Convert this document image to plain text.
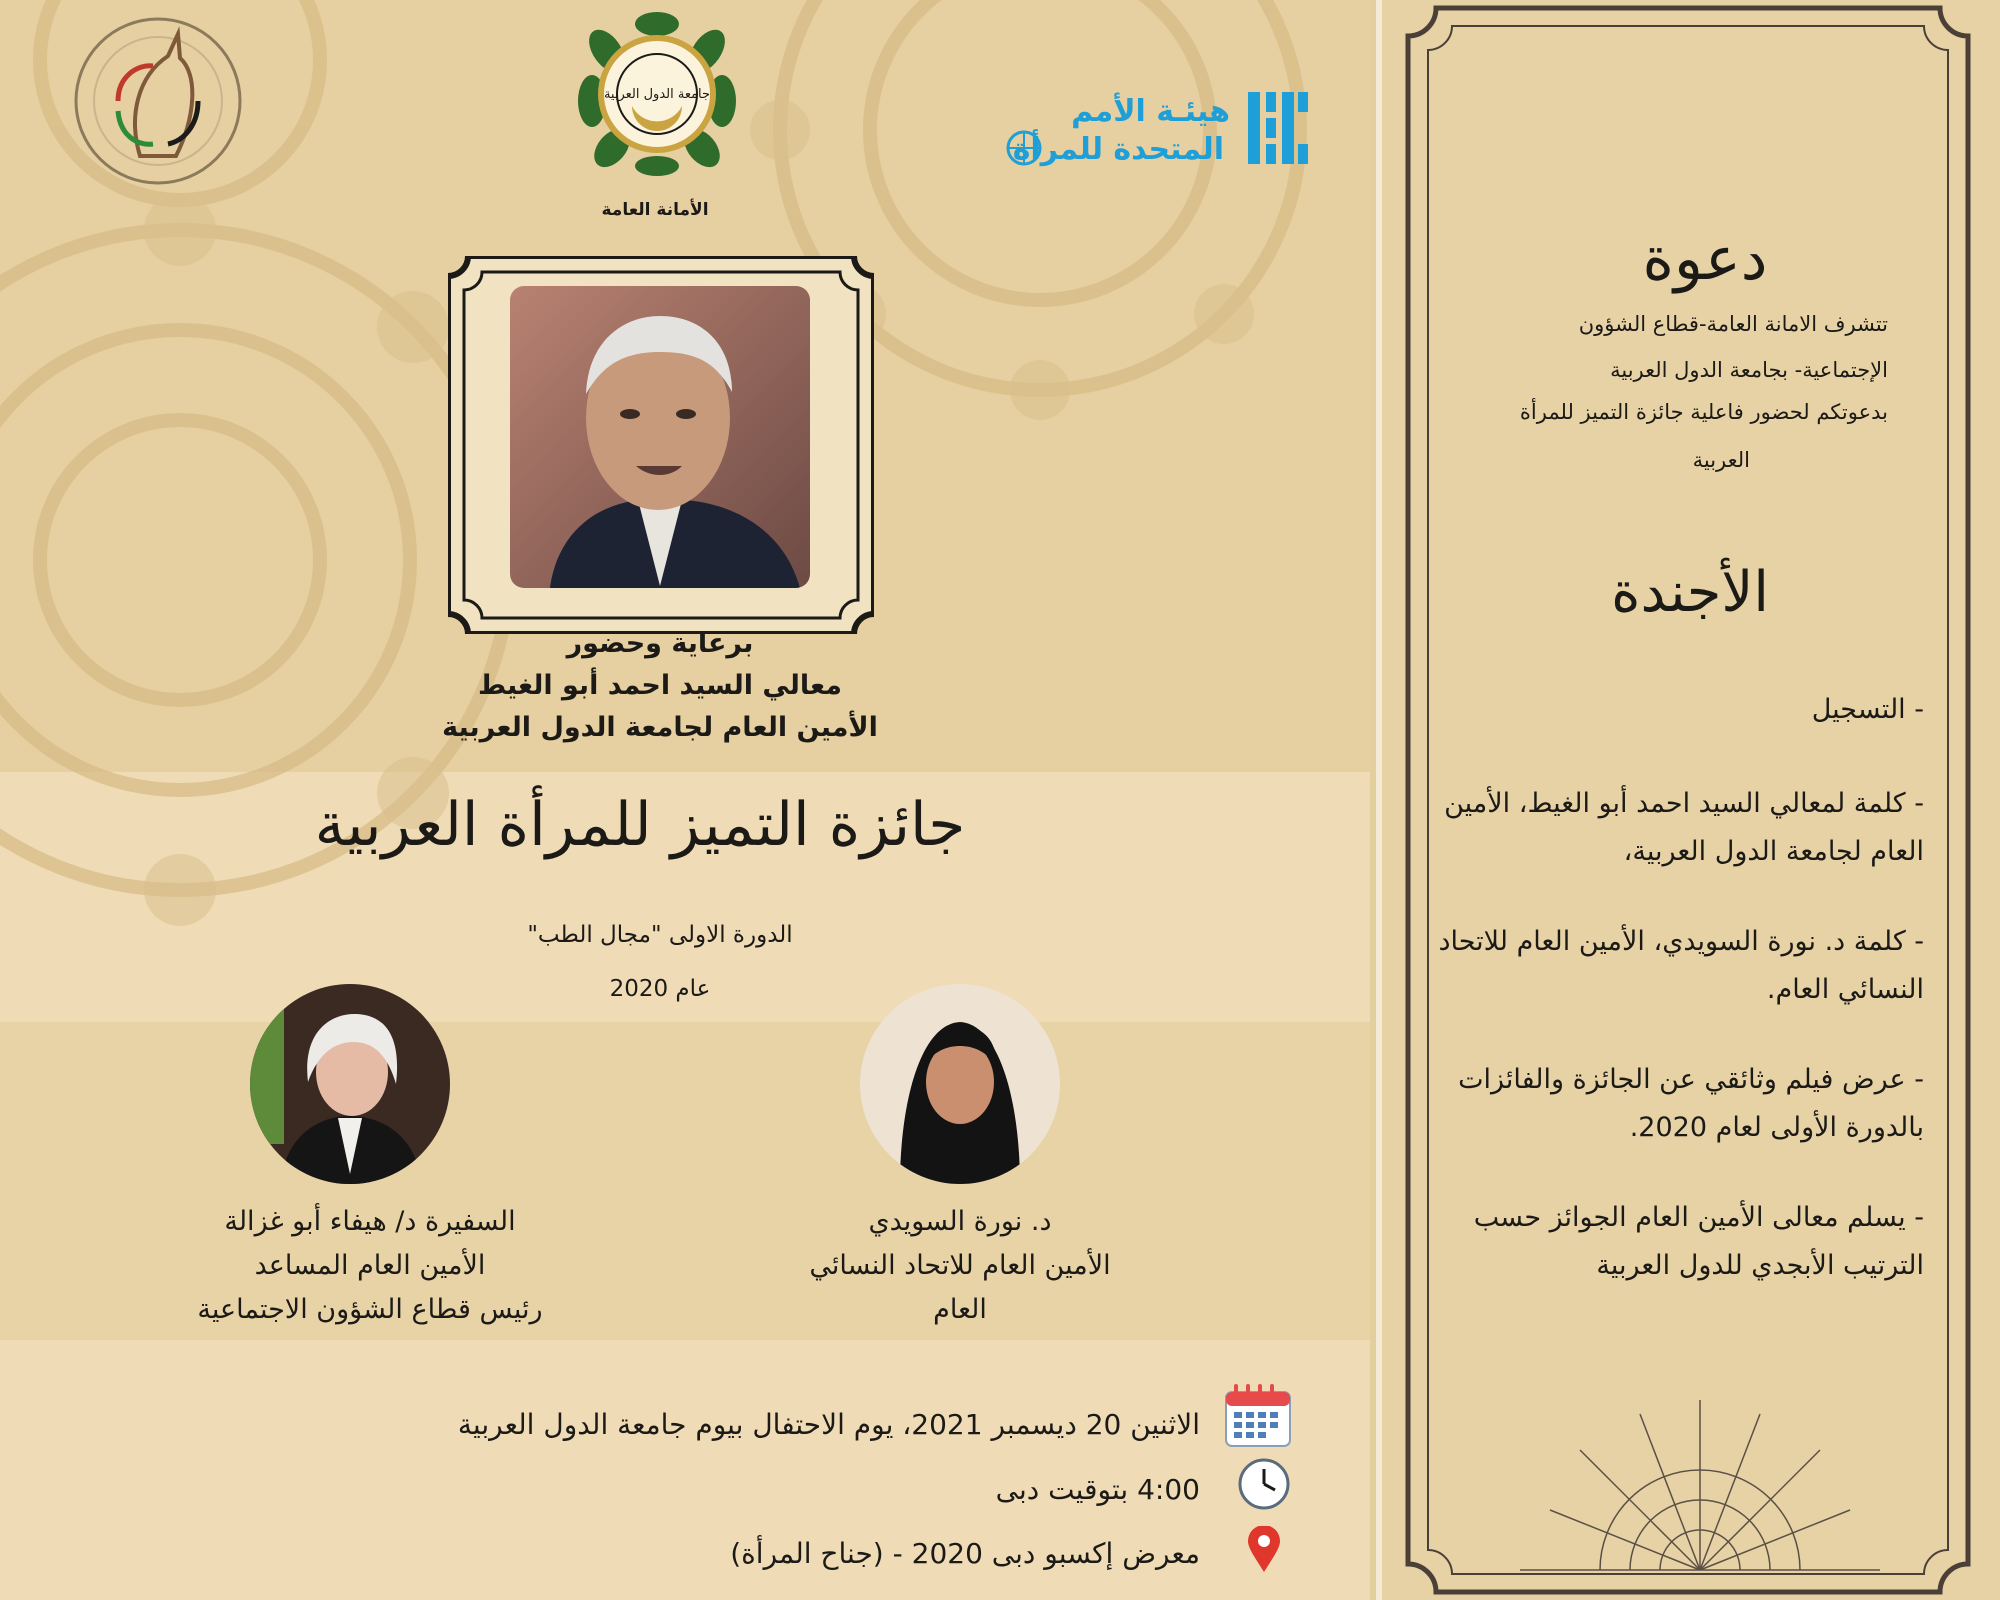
جامعة الدول العربية
الأمانة العامة
هيئـة الأمم
المتحدة للمرأة
برعاية وحضور
معالي السيد احمد أبو الغيط
الأمين العام لجامعة الدول العربية
جائزة التميز للمرأة العربية
الدورة الاولى "مجال الطب"
عام 2020
د. نورة السويدي
الأمين العام للاتحاد النسائي
العام
السفيرة د/ هيفاء أبو غزالة
الأمين العام المساعد
رئيس قطاع الشؤون الاجتماعية
الاثنين 20 ديسمبر 2021، يوم الاحتفال بيوم جامعة الدول العربية
4:00 بتوقيت دبى
معرض إكسبو دبى 2020 - (جناح المرأة)
دعوة
تتشرف الامانة العامة-قطاع الشؤون
الإجتماعية- بجامعة الدول العربية
بدعوتكم لحضور فاعلية جائزة التميز للمرأة
العربية
الأجندة
- التسجيل
- كلمة لمعالي السيد احمد أبو الغيط، الأمين العام لجامعة الدول العربية،
- كلمة د. نورة السويدي، الأمين العام للاتحاد النسائي العام.
- عرض فيلم وثائقي عن الجائزة والفائزات بالدورة الأولى لعام 2020.
- يسلم معالى الأمين العام الجوائز حسب الترتيب الأبجدي للدول العربية
